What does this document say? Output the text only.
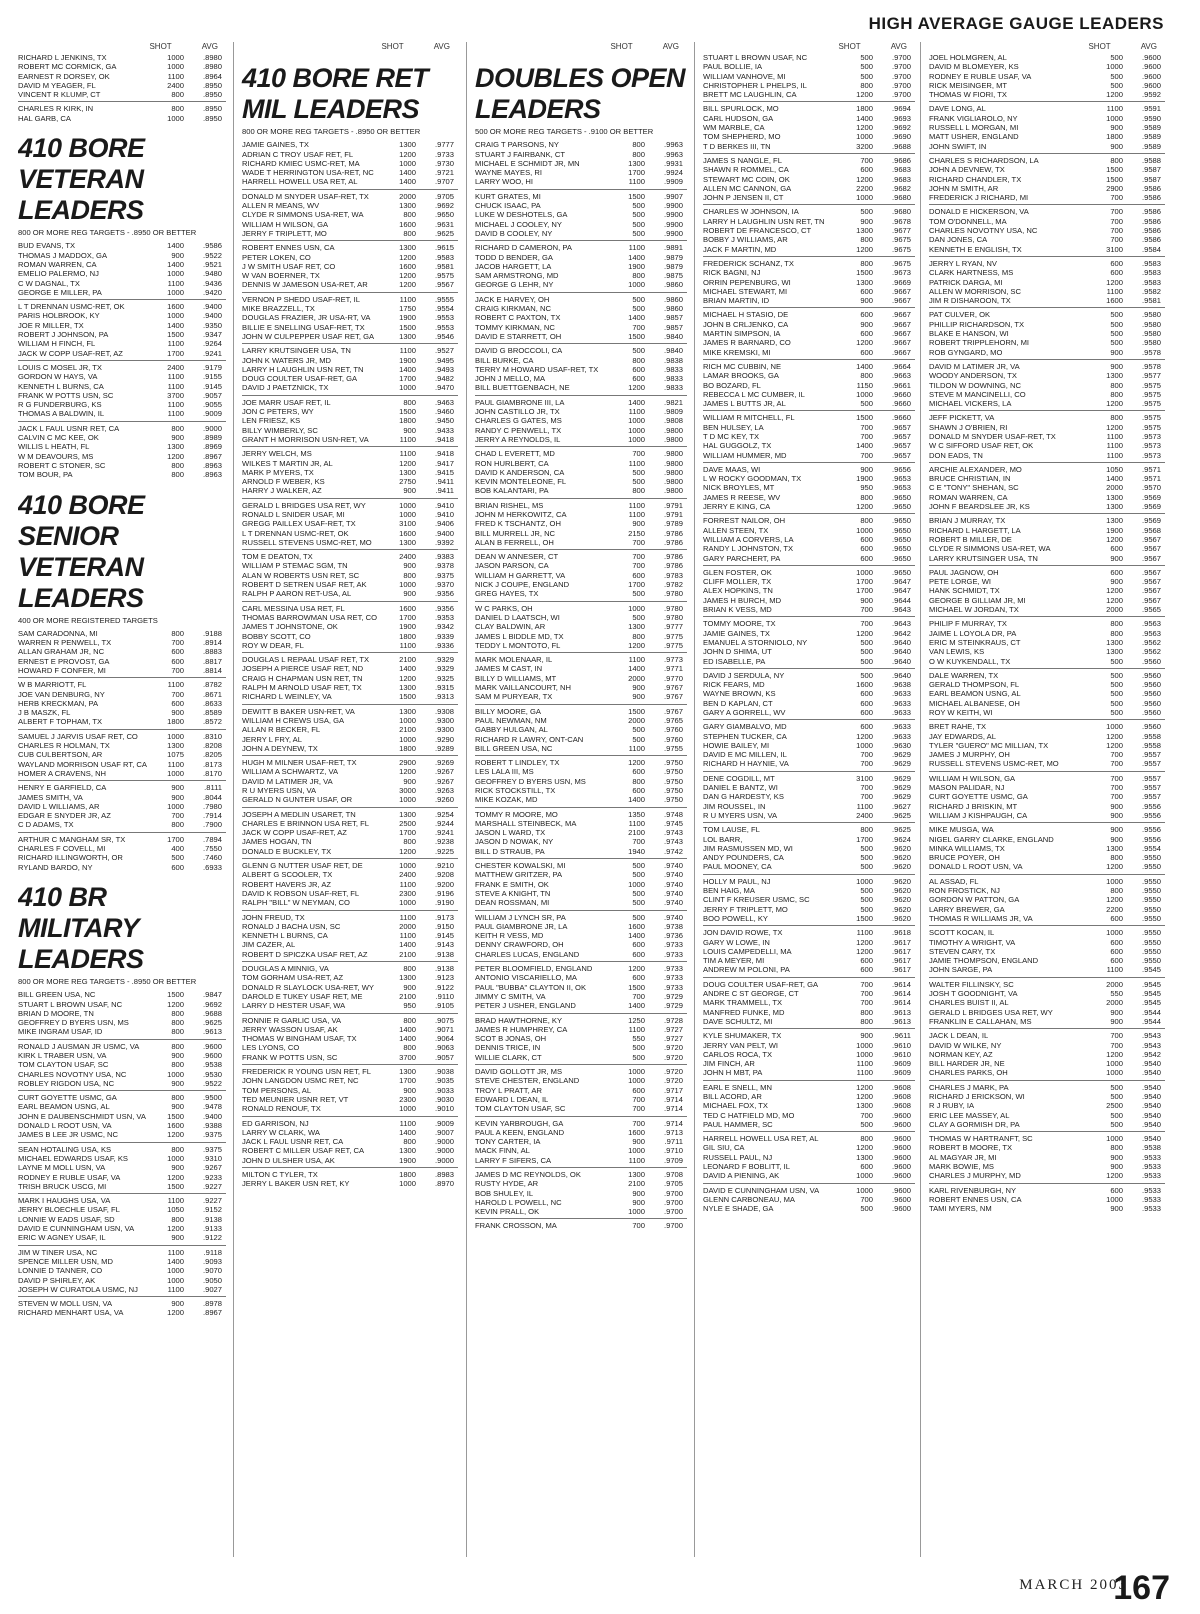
HIGH AVERAGE GAUGE LEADERS
SHOT	AVG
RICHARD L JENKINS, TX	1000	.8980
ROBERT MC CORMICK, GA	1000	.8980
EARNEST R DORSEY, OK	1100	.8964
DAVID M YEAGER, FL	2400	.8950
VINCENT R KLUMP, CT	800	.8950
CHARLES R KIRK, IN	800	.8950
HAL GARB, CA	1000	.8950
410 BORE VETERAN LEADERS
800 OR MORE REG TARGETS - .8950 OR BETTER
BUD EVANS, TX	1400	.9586
THOMAS J MADDOX, GA	900	.9522
ROMAN WARREN, CA	1400	.9521
EMELIO PALERMO, NJ	1000	.9480
C W DAGNAL, TX	1100	.9436
GEORGE E MILLER, PA	1000	.9420
L T DRENNAN USMC-RET, OK	1600	.9400
PARIS HOLBROOK, KY	1000	.9400
JOE R MILLER, TX	1400	.9350
ROBERT J JOHNSON, PA	1500	.9347
WILLIAM H FINCH, FL	1100	.9264
JACK W COPP USAF-RET, AZ	1700	.9241
LOUIS C MOSEL JR, TX	2400	.9179
GORDON W HAYS, VA	1100	.9155
KENNETH L BURNS, CA	1100	.9145
FRANK W POTTS USN, SC	3700	.9057
R G FUNDERBURG, KS	1100	.9055
THOMAS A BALDWIN, IL	1100	.9009
JACK L FAUL USNR RET, CA	800	.9000
CALVIN C MC KEE, OK	900	.8989
WILLIS L HEATH, FL	1300	.8969
W M DEAVOURS, MS	1200	.8967
ROBERT C STONER, SC	800	.8963
TOM BOUR, PA	800	.8963
410 BORE SENIOR VETERAN LEADERS
400 OR MORE REGISTERED TARGETS
SAM CARADONNA, MI	800	.9188
WARREN R PENWELL, TX	700	.8914
ALLAN GRAHAM JR, NC	600	.8883
ERNEST E PROVOST, GA	600	.8817
HOWARD F CONFER, MI	700	.8814
W B MARRIOTT, FL	1100	.8782
JOE VAN DENBURG, NY	700	.8671
HERB KRECKMAN, PA	600	.8633
J B MASZK, FL	900	.8589
ALBERT F TOPHAM, TX	1800	.8572
SAMUEL J JARVIS USAF RET, CO	1000	.8310
CHARLES R HOLMAN, TX	1300	.8208
CUB CULBERTSON, AR	1075	.8205
WAYLAND MORRISON USAF RT, CA	1100	.8173
HOMER A CRAVENS, NH	1000	.8170
HENRY E GARFIELD, CA	900	.8111
JAMES SMITH, VA	900	.8044
DAVID L WILLIAMS, AR	1000	.7980
EDGAR E SNYDER JR, AZ	700	.7914
C D ADAMS, TX	800	.7900
ARTHUR C MANGHAM SR, TX	1700	.7894
CHARLES F COVELL, MI	400	.7550
RICHARD ILLINGWORTH, OR	500	.7460
RYLAND BARDO, NY	600	.6933
410 BR MILITARY LEADERS
800 OR MORE REG TARGETS - .8950 OR BETTER
BILL GREEN USA, NC	1500	.9847
STUART L BROWN USAF, NC	1200	.9692
BRIAN D MOORE, TN	800	.9688
GEOFFREY D BYERS USN, MS	800	.9625
MIKE INGRAM USAF, ID	800	.9613
RONALD J AUSMAN JR USMC, VA	800	.9600
KIRK L TRABER USN, VA	900	.9600
TOM CLAYTON USAF, SC	800	.9538
CHARLES NOVOTNY USA, NC	1000	.9530
ROBLEY RIGDON USA, NC	900	.9522
CURT GOYETTE USMC, GA	800	.9500
EARL BEAMON USNG, AL	900	.9478
JOHN E DAUBENSCHMIDT USN, VA	1500	.9400
DONALD L ROOT USN, VA	1600	.9388
JAMES B LEE JR USMC, NC	1200	.9375
SEAN HOTALING USA, KS	800	.9375
MICHAEL EDWARDS USAF, KS	1000	.9310
LAYNE M MOLL USN, VA	900	.9267
RODNEY E RUBLE USAF, VA	1200	.9233
TRISH BRUCK USCG, MI	1500	.9227
MARK I HAUGHS USA, VA	1100	.9227
JERRY BLOECHLE USAF, FL	1050	.9152
LONNIE W EADS USAF, SD	800	.9138
DAVID E CUNNINGHAM USN, VA	1200	.9133
ERIC W AGNEY USAF, IL	900	.9122
JIM W TINER USA, NC	1100	.9118
SPENCE MILLER USN, MD	1400	.9093
LONNIE D TANNER, CO	1000	.9070
DAVID P SHIRLEY, AK	1000	.9050
JOSEPH W CURATOLA USMC, NJ	1100	.9027
STEVEN W MOLL USN, VA	900	.8978
RICHARD MENHART USA, VA	1200	.8967
SHOT	AVG
410 BORE RET MIL LEADERS
800 OR MORE REG TARGETS - .8950 OR BETTER
JAMIE GAINES, TX	1300	.9777
ADRIAN C TROY USAF RET, FL	1200	.9733
RICHARD KMIEC USMC-RET, MA	1000	.9730
WADE T HERRINGTON USA-RET, NC	1400	.9721
HARRELL HOWELL USA RET, AL	1400	.9707
DONALD M SNYDER USAF-RET, TX	2000	.9705
ALLEN R MEANS, WV	1300	.9692
CLYDE R SIMMONS USA-RET, WA	800	.9650
WILLIAM H WILSON, GA	1600	.9631
JERRY F TRIPLETT, MO	800	.9625
ROBERT ENNES USN, CA	1300	.9615
PETER LOKEN, CO	1200	.9583
J W SMITH USAF RET, CO	1600	.9581
W VAN BOERNER, TX	1200	.9575
DENNIS W JAMESON USA-RET, AR	1200	.9567
VERNON P SHEDD USAF-RET, IL	1100	.9555
MIKE BRAZZELL, TX	1750	.9554
DOUGLAS FRAZIER, JR USA-RT, VA	1900	.9553
BILLIE E SNELLING USAF-RET, TX	1500	.9553
JOHN W CULPEPPER USAF RET, GA	1300	.9546
LARRY KRUTSINGER USA, TN	1100	.9527
JOHN K WATERS JR, MD	1900	.9495
LARRY H LAUGHLIN USN RET, TN	1400	.9493
DOUG COULTER USAF-RET, GA	1700	.9482
DAVID J PAETZNICK, TX	1000	.9470
JOE MARR USAF RET, IL	800	.9463
JON C PETERS, WY	1500	.9460
LEN FRIESZ, KS	1800	.9450
BILLY WIMBERLY, SC	900	.9433
GRANT H MORRISON USN-RET, VA	1100	.9418
JERRY WELCH, MS	1100	.9418
WILKES T MARTIN JR, AL	1200	.9417
MARK P MYERS, TX	1300	.9415
ARNOLD F WEBER, KS	2750	.9411
HARRY J WALKER, AZ	900	.9411
GERALD L BRIDGES USA RET, WY	1000	.9410
RONALD L SNIDER USAF, MI	1000	.9410
GREGG PAILLEX USAF-RET, TX	3100	.9406
L T DRENNAN USMC-RET, OK	1600	.9400
RUSSELL STEVENS USMC-RET, MO	1300	.9392
TOM E DEATON, TX	2400	.9383
WILLIAM P STEMAC SGM, TN	900	.9378
ALAN W ROBERTS USN RET, SC	800	.9375
ROBERT D SETREN USAF RET, AK	1000	.9370
RALPH P AARON RET-USA, AL	900	.9356
CARL MESSINA USA RET, FL	1600	.9356
THOMAS BARROWMAN USA RET, CO	1700	.9353
JAMES T JOHNSTONE, OK	1900	.9342
BOBBY SCOTT, CO	1800	.9339
ROY W DEAR, FL	1100	.9336
DOUGLAS L REPAAL USAF RET, TX	2100	.9329
JOSEPH A PIERCE USAF RET, ND	1400	.9329
CRAIG H CHAPMAN USN RET, TN	1200	.9325
RALPH M ARNOLD USAF RET, TX	1300	.9315
RICHARD L WEINLEY, VA	1500	.9313
DEWITT B BAKER USN-RET, VA	1300	.9308
WILLIAM H CREWS USA, GA	1000	.9300
ALLAN R BECKER, FL	2100	.9300
JERRY L FRY, AL	1000	.9290
JOHN A DEYNEW, TX	1800	.9289
HUGH M MILNER USAF-RET, TX	2900	.9269
WILLIAM A SCHWARTZ, VA	1200	.9267
DAVID M LATIMER JR, VA	900	.9267
R U MYERS USN, VA	3000	.9263
GERALD N GUNTER USAF, OR	1000	.9260
JOSEPH A MEDLIN USARET, TN	1300	.9254
CHARLES E BRINNON USA RET, FL	2500	.9244
JACK W COPP USAF-RET, AZ	1700	.9241
JAMES HOGAN, TN	800	.9238
DONALD E BUCKLEY, TX	1200	.9225
GLENN G NUTTER USAF RET, DE	1000	.9210
ALBERT G SCOOLER, TX	2400	.9208
ROBERT HAVERS JR, AZ	1100	.9200
DAVID K ROBSON USAF-RET, FL	2300	.9196
RALPH "BILL" W NEYMAN, CO	1000	.9190
JOHN FREUD, TX	1100	.9173
RONALD J BACHA USN, SC	2000	.9150
KENNETH L BURNS, CA	1100	.9145
JIM CAZER, AL	1400	.9143
ROBERT D SPICZKA USAF RET, AZ	2100	.9138
DOUGLAS A MINNIG, VA	800	.9138
TOM GORHAM USA-RET, AZ	1300	.9123
DONALD R SLAYLOCK USA-RET, WY	900	.9122
DAROLD E TUKEY USAF RET, ME	2100	.9110
LARRY D HESTER USAF, WA	950	.9105
RONNIE R GARLIC USA, VA	800	.9075
JERRY WASSON USAF, AK	1400	.9071
THOMAS W BINGHAM USAF, TX	1400	.9064
LES LYONS, CO	800	.9063
FRANK W POTTS USN, SC	3700	.9057
FREDERICK R YOUNG USN RET, FL	1300	.9038
JOHN LANGDON USMC RET, NC	1700	.9035
TOM PERSONS, AL	900	.9033
TED MEUNIER USNR RET, VT	2300	.9030
RONALD RENOUF, TX	1000	.9010
ED GARRISON, NJ	1100	.9009
LARRY W CLARK, WA	1400	.9007
JACK L FAUL USNR RET, CA	800	.9000
ROBERT C MILLER USAF RET, CA	1300	.9000
JOHN D ULSHER USA, AK	1900	.9000
MILTON C TYLER, TX	1800	.8983
JERRY L BAKER USN RET, KY	1000	.8970
SHOT	AVG
DOUBLES OPEN LEADERS
500 OR MORE REG TARGETS - .9100 OR BETTER
CRAIG T PARSONS, NY	800	.9963
STUART J FAIRBANK, CT	800	.9963
MICHAEL E SCHMIDT JR, MN	1300	.9931
WAYNE MAYES, RI	1700	.9924
LARRY WOO, HI	1100	.9909
KURT GRATES, MI	1500	.9907
CHUCK ISAAC, PA	500	.9900
LUKE W DESHOTELS, GA	500	.9900
MICHAEL J COOLEY, NY	500	.9900
DAVID B COOLEY, NY	500	.9900
RICHARD D CAMERON, PA	1100	.9891
TODD D BENDER, GA	1400	.9879
JACOB HARGETT, LA	1900	.9879
SAM ARMSTRONG, MD	800	.9875
GEORGE G LEHR, NY	1000	.9860
JACK E HARVEY, OH	500	.9860
CRAIG KIRKMAN, NC	500	.9860
ROBERT C PAXTON, TX	1400	.9857
TOMMY KIRKMAN, NC	700	.9857
DAVID E STARRETT, OH	1500	.9840
DAVID G BROCCOLI, CA	500	.9840
BILL BURKE, CA	800	.9838
TERRY M HOWARD USAF-RET, TX	600	.9833
JOHN J MELLO, MA	600	.9833
BILL BUETTGENBACH, NE	1200	.9833
PAUL GIAMBRONE III, LA	1400	.9821
JOHN CASTILLO JR, TX	1100	.9809
CHARLES G GATES, MS	1000	.9808
RANDY C PENWELL, TX	1000	.9800
JERRY A REYNOLDS, IL	1000	.9800
CHAD L EVERETT, MD	700	.9800
RON HURLBERT, CA	1100	.9800
DAVID K ANDERSON, CA	500	.9800
KEVIN MONTELEONE, FL	500	.9800
BOB KALANTARI, PA	800	.9800
BRIAN RISHEL, MS	1100	.9791
JOHN M HERKOWITZ, CA	1100	.9791
FRED K TSCHANTZ, OH	900	.9789
BILL MURRELL JR, NC	2150	.9786
ALAN B FERRELL, OH	700	.9786
DEAN W ANNESER, CT	700	.9786
JASON PARSON, CA	700	.9786
WILLIAM H GARRETT, VA	600	.9783
NICK J COUPE, ENGLAND	1700	.9782
GREG HAYES, TX	500	.9780
W C PARKS, OH	1000	.9780
DANIEL D LAATSCH, WI	500	.9780
CLAY BALDWIN, AR	1300	.9777
JAMES L BIDDLE MD, TX	800	.9775
TEDDY L MONTOTO, FL	1200	.9775
MARK MOLENAAR, IL	1100	.9773
JAMES M CAST, IN	1400	.9771
BILLY D WILLIAMS, MT	2000	.9770
MARK VAILLANCOURT, NH	900	.9767
SAM M PURYEAR, TX	900	.9767
BILLY MOORE, GA	1500	.9767
PAUL NEWMAN, NM	2000	.9765
GABBY HULGAN, AL	500	.9760
RICHARD R LAWRY, ONT-CAN	500	.9760
BILL GREEN USA, NC	1100	.9755
ROBERT T LINDLEY, TX	1200	.9750
LES LALA III, MS	600	.9750
GEOFFREY D BYERS USN, MS	800	.9750
RICK STOCKSTILL, TX	600	.9750
MIKE KOZAK, MD	1400	.9750
TOMMY R MOORE, MO	1350	.9748
MARSHALL STEINBECK, MA	1100	.9745
JASON L WARD, TX	2100	.9743
JASON D NOWAK, NY	700	.9743
BILL D STRAUB, PA	1940	.9742
CHESTER KOWALSKI, MI	500	.9740
MATTHEW GRITZER, PA	500	.9740
FRANK E SMITH, OK	1000	.9740
STEVE A KNIGHT, TN	500	.9740
DEAN ROSSMAN, MI	500	.9740
WILLIAM J LYNCH SR, PA	500	.9740
PAUL GIAMBRONE JR, LA	1600	.9738
KEITH R VESS, MD	1400	.9736
DENNY CRAWFORD, OH	600	.9733
CHARLES LUCAS, ENGLAND	600	.9733
PETER BLOOMFIELD, ENGLAND	1200	.9733
ANTONIO VISCARIELLO, MA	600	.9733
PAUL "BUBBA" CLAYTON II, OK	1500	.9733
JIMMY C SMITH, VA	700	.9729
PETER J USHER, ENGLAND	1400	.9729
BRAD HAWTHORNE, KY	1250	.9728
JAMES R HUMPHREY, CA	1100	.9727
SCOT B JONAS, OH	550	.9727
DENNIS TRICE, IN	500	.9720
WILLIE CLARK, CT	500	.9720
DAVID GOLLOTT JR, MS	1000	.9720
STEVE CHESTER, ENGLAND	1000	.9720
TROY L PRATT, AR	600	.9717
EDWARD L DEAN, IL	700	.9714
TOM CLAYTON USAF, SC	700	.9714
KEVIN YARBROUGH, GA	700	.9714
PAUL A KEEN, ENGLAND	1600	.9713
TONY CARTER, IA	900	.9711
MACK FINN, AL	1000	.9710
LARRY F SIFERS, CA	1100	.9709
JAMES D MC REYNOLDS, OK	1300	.9708
RUSTY HYDE, AR	2100	.9705
BOB SHULEY, IL	900	.9700
HAROLD L POWELL, NC	900	.9700
KEVIN PRALL, OK	1000	.9700
FRANK CROSSON, MA	700	.9700
SHOT	AVG
STUART L BROWN USAF, NC	500	.9700
PAUL BOLLIE, IA	500	.9700
WILLIAM VANHOVE, MI	500	.9700
CHRISTOPHER L PHELPS, IL	800	.9700
BRETT MC LAUGHLIN, CA	1200	.9700
BILL SPURLOCK, MO	1800	.9694
CARL HUDSON, GA	1400	.9693
WM MARBLE, CA	1200	.9692
TOM SHEPHERD, MO	1000	.9690
T D BERKES III, TN	3200	.9688
JAMES S NANGLE, FL	700	.9686
SHAWN R ROMMEL, CA	600	.9683
STEWART MC COIN, OK	1200	.9683
ALLEN MC CANNON, GA	2200	.9682
JOHN P JENSEN II, CT	1000	.9680
CHARLES W JOHNSON, IA	500	.9680
LARRY H LAUGHLIN USN RET, TN	900	.9678
ROBERT DE FRANCESCO, CT	1300	.9677
BOBBY J WILLIAMS, AR	800	.9675
JACK F MARTIN, MD	1200	.9675
FREDERICK SCHANZ, TX	800	.9675
RICK BAGNI, NJ	1500	.9673
ORRIN PEPENBURG, WI	1300	.9669
MICHAEL STEWART, MI	600	.9667
BRIAN MARTIN, ID	900	.9667
MICHAEL H STASIO, DE	600	.9667
JOHN B CRLJENKO, CA	900	.9667
MARTIN SIMPSON, IA	600	.9667
JAMES R BARNARD, CO	1200	.9667
MIKE KREMSKI, MI	600	.9667
RICH MC CUBBIN, NE	1400	.9664
LAMAR BROOKS, GA	800	.9663
BO BOZARD, FL	1150	.9661
REBECCA L MC CUMBER, IL	1000	.9660
JAMES L BUTTS JR, AL	500	.9660
WILLIAM R MITCHELL, FL	1500	.9660
BEN HULSEY, LA	700	.9657
T D MC KEY, TX	700	.9657
HAL GUGGOLZ, TX	1400	.9657
WILLIAM HUMMER, MD	700	.9657
DAVE MAAS, WI	900	.9656
L W ROCKY GOODMAN, TX	1900	.9653
NICK BROYLES, MT	950	.9653
JAMES R REESE, WV	800	.9650
JERRY E KING, CA	1200	.9650
FORREST NAILOR, OH	800	.9650
ALLEN STEEN, TX	1000	.9650
WILLIAM A CORVERS, LA	600	.9650
RANDY L JOHNSTON, TX	600	.9650
GARY PARCHERT, PA	600	.9650
GLEN FOSTER, OK	1000	.9650
CLIFF MOLLER, TX	1700	.9647
ALEX HOPKINS, TN	1700	.9647
JAMES H BURCH, MD	900	.9644
BRIAN K VESS, MD	700	.9643
TOMMY MOORE, TX	700	.9643
JAMIE GAINES, TX	1200	.9642
EMANUEL A STORNIOLO, NY	500	.9640
JOHN D SHIMA, UT	500	.9640
ED ISABELLE, PA	500	.9640
DAVID J SERDULA, NY	500	.9640
RICK FEARS, MD	1600	.9638
WAYNE BROWN, KS	600	.9633
BEN D KAPLAN, CT	600	.9633
GARY A GORRELL, WV	600	.9633
GARY GIAMBALVO, MD	600	.9633
STEPHEN TUCKER, CA	1200	.9633
HOWIE BAILEY, MI	1000	.9630
DAVID E MC MILLEN, IL	700	.9629
RICHARD H HAYNIE, VA	700	.9629
DENE COGDILL, MT	3100	.9629
DANIEL E BANTZ, WI	700	.9629
DAN G HARDESTY, KS	700	.9629
JIM ROUSSEL, IN	1100	.9627
R U MYERS USN, VA	2400	.9625
TOM LAUSE, FL	800	.9625
LOL BARR,	1700	.9624
JIM RASMUSSEN MD, WI	500	.9620
ANDY POUNDERS, CA	500	.9620
PAUL MOONEY, CA	500	.9620
HOLLY M PAUL, NJ	1000	.9620
BEN HAIG, MA	500	.9620
CLINT F KREUSER USMC, SC	500	.9620
JERRY F TRIPLETT, MO	500	.9620
BOO POWELL, KY	1500	.9620
JON DAVID ROWE, TX	1100	.9618
GARY W LOWE, IN	1200	.9617
LOUIS CAMPEDELLI, MA	1200	.9617
TIM A MEYER, MI	600	.9617
ANDREW M POLONI, PA	600	.9617
DOUG COULTER USAF-RET, GA	700	.9614
ANDRE C ST GEORGE, CT	700	.9614
MARK TRAMMELL, TX	700	.9614
MANFRED FUNKE, MD	800	.9613
DAVE SCHULTZ, MI	800	.9613
KYLE SHUMAKER, TX	900	.9611
JERRY VAN PELT, WI	1000	.9610
CARLOS ROCA, TX	1000	.9610
JIM FINCH, AR	1100	.9609
JOHN H MBT, PA	1100	.9609
EARL E SNELL, MN	1200	.9608
BILL ACORD, AR	1200	.9608
MICHAEL FOX, TX	1300	.9608
TED C HATFIELD MD, MO	700	.9600
PAUL HAMMER, SC	500	.9600
HARRELL HOWELL USA RET, AL	800	.9600
GIL SIU, CA	1200	.9600
RUSSELL PAUL, NJ	1300	.9600
LEONARD F BOBLITT, IL	600	.9600
DAVID A PIENING, AK	1000	.9600
DAVID E CUNNINGHAM USN, VA	1000	.9600
GLENN CARBONEAU, MA	700	.9600
NYLE E SHADE, GA	500	.9600
SHOT	AVG
JOEL HOLMGREN, AL	500	.9600
DAVID M BLOMEYER, KS	1000	.9600
RODNEY E RUBLE USAF, VA	500	.9600
RICK MEISINGER, MT	500	.9600
THOMAS W FIORI, TX	1200	.9592
DAVE LONG, AL	1100	.9591
FRANK VIGLIAROLO, NY	1000	.9590
RUSSELL L MORGAN, MI	900	.9589
MATT USHER, ENGLAND	1800	.9589
JOHN SWIFT, IN	900	.9589
CHARLES S RICHARDSON, LA	800	.9588
JOHN A DEVNEW, TX	1500	.9587
RICHARD CHANDLER, TX	1500	.9587
JOHN M SMITH, AR	2900	.9586
FREDERICK J RICHARD, MI	700	.9586
DONALD E HICKERSON, VA	700	.9586
TOM O'DONNELL, MA	700	.9586
CHARLES NOVOTNY USA, NC	700	.9586
DAN JONES, CA	700	.9586
KENNETH E ENGLISH, TX	3100	.9584
JERRY L RYAN, NV	600	.9583
CLARK HARTNESS, MS	600	.9583
PATRICK DARGA, MI	1200	.9583
ALLEN W MORRISON, SC	1100	.9582
JIM R DISHAROON, TX	1600	.9581
PAT CULVER, OK	500	.9580
PHILLIP RICHARDSON, TX	500	.9580
BLAKE E HANSON, WI	500	.9580
ROBERT TRIPPLEHORN, MI	500	.9580
ROB GYNGARD, MO	900	.9578
DAVID M LATIMER JR, VA	900	.9578
WOODY ANDERSON, TX	1300	.9577
TILDON W DOWNING, NC	800	.9575
STEVE M MANCINELLI, CO	800	.9575
MICHAEL VICKERS, LA	1200	.9575
JEFF PICKETT, VA	800	.9575
SHAWN J O'BRIEN, RI	1200	.9575
DONALD M SNYDER USAF-RET, TX	1100	.9573
W C SIFFORD USAF RET, OK	1100	.9573
DON EADS, TN	1100	.9573
ARCHIE ALEXANDER, MO	1050	.9571
BRUCE CHRISTIAN, IN	1400	.9571
C E "TONY" SHEHAN, SC	2000	.9570
ROMAN WARREN, CA	1300	.9569
JOHN F BEARDSLEE JR, KS	1300	.9569
BRIAN J MURRAY, TX	1300	.9569
RICHARD L HARGETT, LA	1900	.9568
ROBERT B MILLER, DE	1200	.9567
CLYDE R SIMMONS USA-RET, WA	600	.9567
LARRY KRUTSINGER USA, TN	900	.9567
PAUL JAGNOW, OH	600	.9567
PETE LORGE, WI	900	.9567
HANK SCHMIDT, TX	1200	.9567
GEORGE B GILLIAM JR, MI	1200	.9567
MICHAEL W JORDAN, TX	2000	.9565
PHILIP F MURRAY, TX	800	.9563
JAIME L LOYOLA DR, PA	800	.9563
ERIC M STEINKRAUS, CT	1300	.9562
VAN LEWIS, KS	1300	.9562
O W KUYKENDALL, TX	500	.9560
DALE WARREN, TX	500	.9560
GERALD THOMPSON, FL	500	.9560
EARL BEAMON USNG, AL	500	.9560
MICHAEL ALBANESE, OH	500	.9560
ROY W KEITH, WI	500	.9560
BRET RAHE, TX	1000	.9560
JAY EDWARDS, AL	1200	.9558
TYLER "GUERO" MC MILLIAN, TX	1200	.9558
JAMES J MURPHY, OH	700	.9557
RUSSELL STEVENS USMC-RET, MO	700	.9557
WILLIAM H WILSON, GA	700	.9557
MASON PALIDAR, NJ	700	.9557
CURT GOYETTE USMC, GA	700	.9557
RICHARD J BRISKIN, MT	900	.9556
WILLIAM J KISHPAUGH, CA	900	.9556
MIKE MUSGA, WA	900	.9556
NIGEL GARRY CLARKE, ENGLAND	900	.9556
MINKA WILLIAMS, TX	1300	.9554
BRUCE POYER, OH	800	.9550
DONALD L ROOT USN, VA	1200	.9550
AL ASSAD, FL	1000	.9550
RON FROSTICK, NJ	800	.9550
GORDON W PATTON, GA	1200	.9550
LARRY BREWER, GA	2200	.9550
THOMAS R WILLIAMS JR, VA	600	.9550
SCOTT KOCAN, IL	1000	.9550
TIMOTHY A WRIGHT, VA	600	.9550
STEVEN CARY, TX	600	.9550
JAMIE THOMPSON, ENGLAND	600	.9550
JOHN SARGE, PA	1100	.9545
WALTER FILLINSKY, SC	2000	.9545
JOSH T GOODNIGHT, VA	550	.9545
CHARLES BUIST II, AL	2000	.9545
GERALD L BRIDGES USA RET, WY	900	.9544
FRANKLIN E CALLAHAN, MS	900	.9544
JACK L DEAN, IL	700	.9543
DAVID W WILKE, NY	700	.9543
NORMAN KEY, AZ	1200	.9542
BILL HARDER JR, NE	1000	.9540
CHARLES PARKS, OH	1000	.9540
CHARLES J MARK, PA	500	.9540
RICHARD J ERICKSON, WI	500	.9540
R J RUBY, IA	2500	.9540
ERIC LEE MASSEY, AL	500	.9540
CLAY A GORMISH DR, PA	500	.9540
THOMAS W HARTRANFT, SC	1000	.9540
ROBERT B MOORE, TX	800	.9538
AL MAGYAR JR, MI	900	.9533
MARK BOWIE, MS	900	.9533
CHARLES J MURPHY, MD	1200	.9533
KARL RIVENBURGH, NY	600	.9533
ROBERT ENNES USN, CA	1000	.9533
TAMI MYERS, NM	900	.9533
MARCH 2003
167
